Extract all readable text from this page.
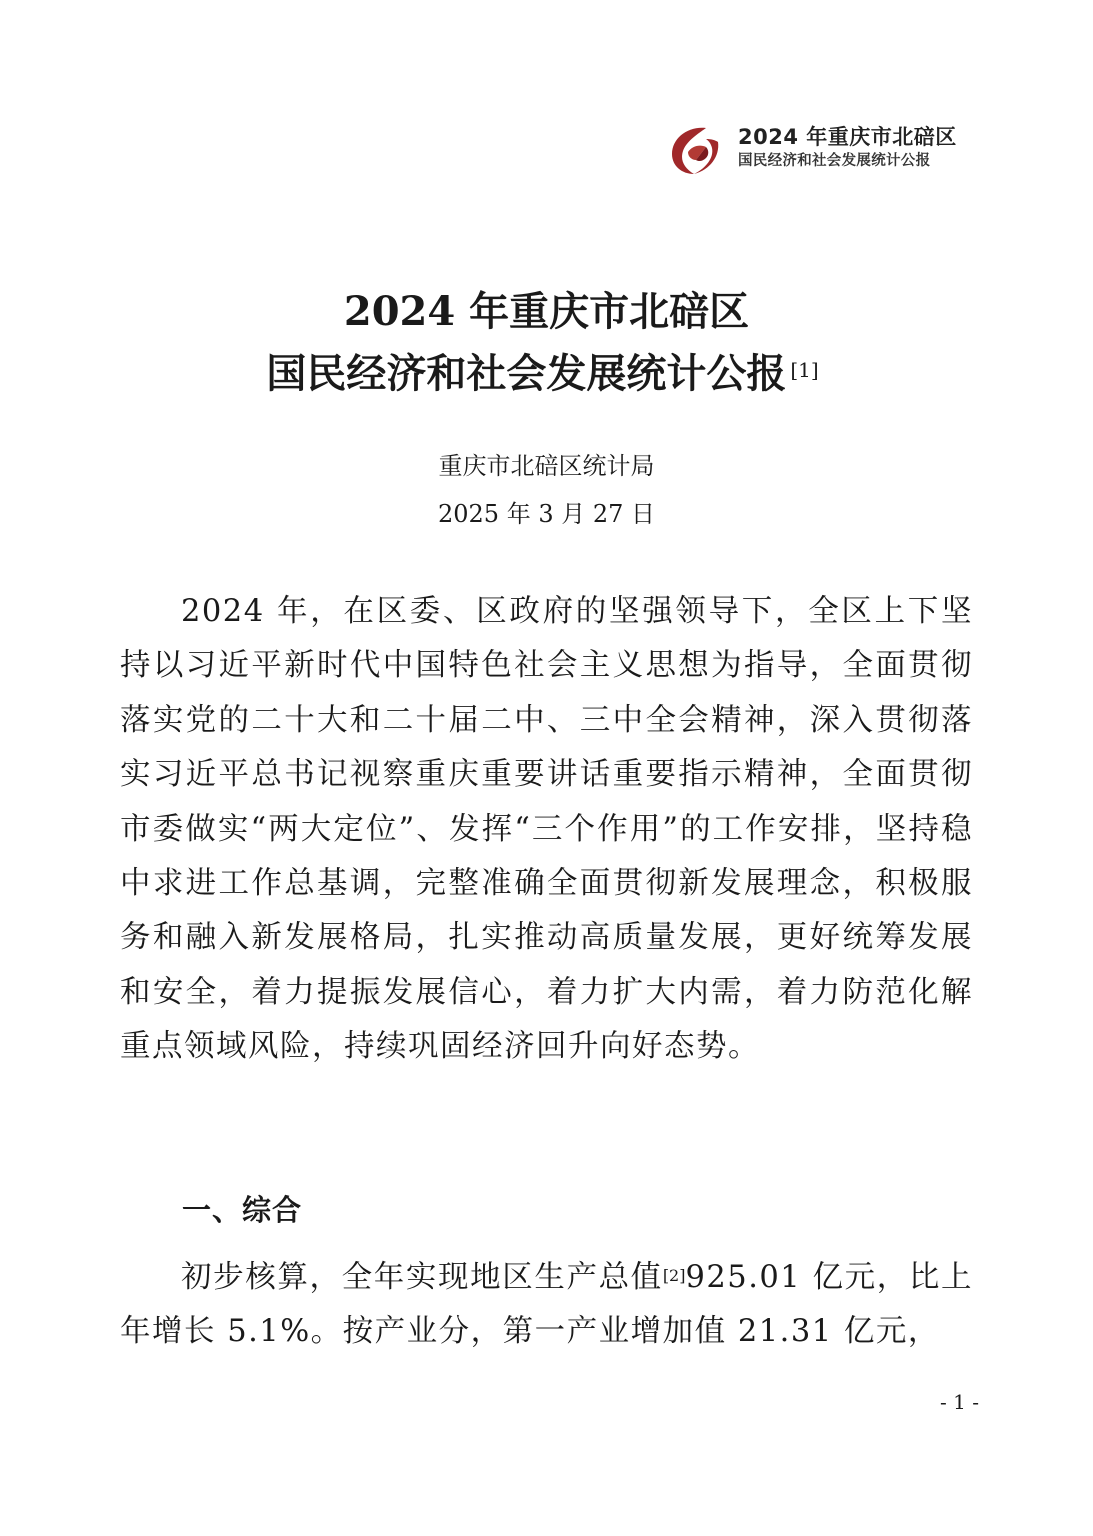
2024 年重庆市北碚区
国民经济和社会发展统计公报
2024 年重庆市北碚区
国民经济和社会发展统计公报 [1]
重庆市北碚区统计局
2025 年 3 月 27 日

2024 年，在区委、区政府的坚强领导下，全区上下坚持以习近平新时代中国特色社会主义思想为指导，全面贯彻落实党的二十大和二十届二中、三中全会精神，深入贯彻落实习近平总书记视察重庆重要讲话重要指示精神，全面贯彻市委做实“两大定位”、发挥“三个作用”的工作安排，坚持稳中求进工作总基调，完整准确全面贯彻新发展理念，积极服务和融入新发展格局，扎实推动高质量发展，更好统筹发展和安全，着力提振发展信心，着力扩大内需，着力防范化解重点领域风险，持续巩固经济回升向好态势。

一、综合

初步核算，全年实现地区生产总值[2]925.01 亿元，比上年增长 5.1%。按产业分，第一产业增加值 21.31 亿元，

- 1 -
